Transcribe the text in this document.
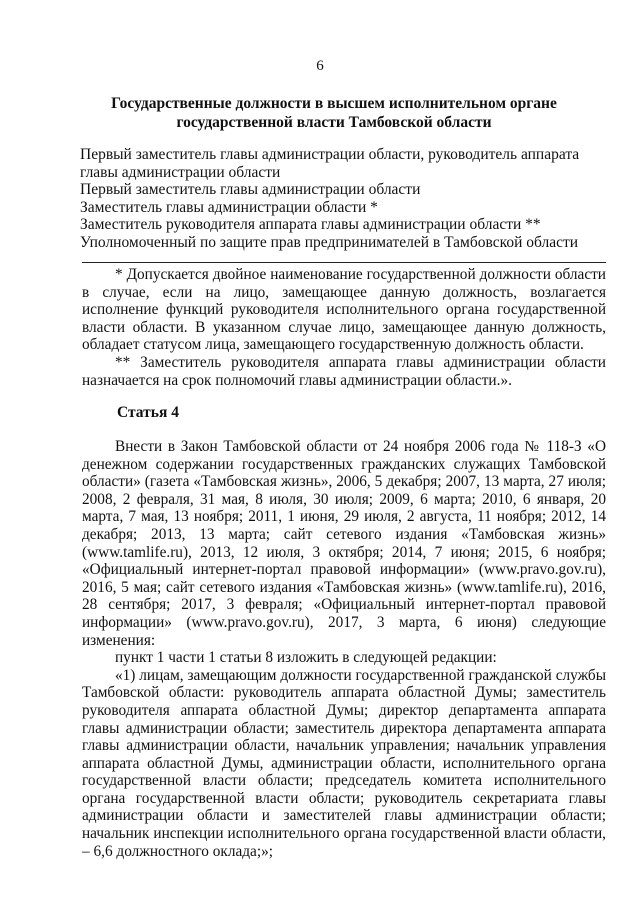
6
Государственные должности в высшем исполнительном органе
государственной власти Тамбовской области
Первый заместитель главы администрации области, руководитель аппарата
главы администрации области
Первый заместитель главы администрации области
Заместитель главы администрации области *
Заместитель руководителя аппарата главы администрации области **
Уполномоченный по защите прав предпринимателей в Тамбовской области

* Допускается двойное наименование государственной должности области в случае, если на лицо, замещающее данную должность, возлагается исполнение функций руководителя исполнительного органа государственной власти области. В указанном случае лицо, замещающее данную должность, обладает статусом лица, замещающего государственную должность области.

** Заместитель руководителя аппарата главы администрации области назначается на срок полномочий главы администрации области.».

Статья 4

Внести в Закон Тамбовской области от 24 ноября 2006 года № 118-З «О денежном содержании государственных гражданских служащих Тамбовской области» (газета «Тамбовская жизнь», 2006, 5 декабря; 2007, 13 марта, 27 июля; 2008, 2 февраля, 31 мая, 8 июля, 30 июля; 2009, 6 марта; 2010, 6 января, 20 марта, 7 мая, 13 ноября; 2011, 1 июня, 29 июля, 2 августа, 11 ноября; 2012, 14 декабря; 2013, 13 марта; сайт сетевого издания «Тамбовская жизнь» (www.tamlife.ru), 2013, 12 июля, 3 октября; 2014, 7 июня; 2015, 6 ноября; «Официальный интернет-портал правовой информации» (www.pravo.gov.ru), 2016, 5 мая; сайт сетевого издания «Тамбовская жизнь» (www.tamlife.ru), 2016, 28 сентября; 2017, 3 февраля; «Официальный интернет-портал правовой информации» (www.pravo.gov.ru), 2017, 3 марта, 6 июня) следующие изменения:

пункт 1 части 1 статьи 8 изложить в следующей редакции:

«1) лицам, замещающим должности государственной гражданской службы Тамбовской области: руководитель аппарата областной Думы; заместитель руководителя аппарата областной Думы; директор департамента аппарата главы администрации области; заместитель директора департамента аппарата главы администрации области, начальник управления; начальник управления аппарата областной Думы, администрации области, исполнительного органа государственной власти области; председатель комитета исполнительного органа государственной власти области; руководитель секретариата главы администрации области и заместителей главы администрации области; начальник инспекции исполнительного органа государственной власти области, – 6,6 должностного оклада;»;
